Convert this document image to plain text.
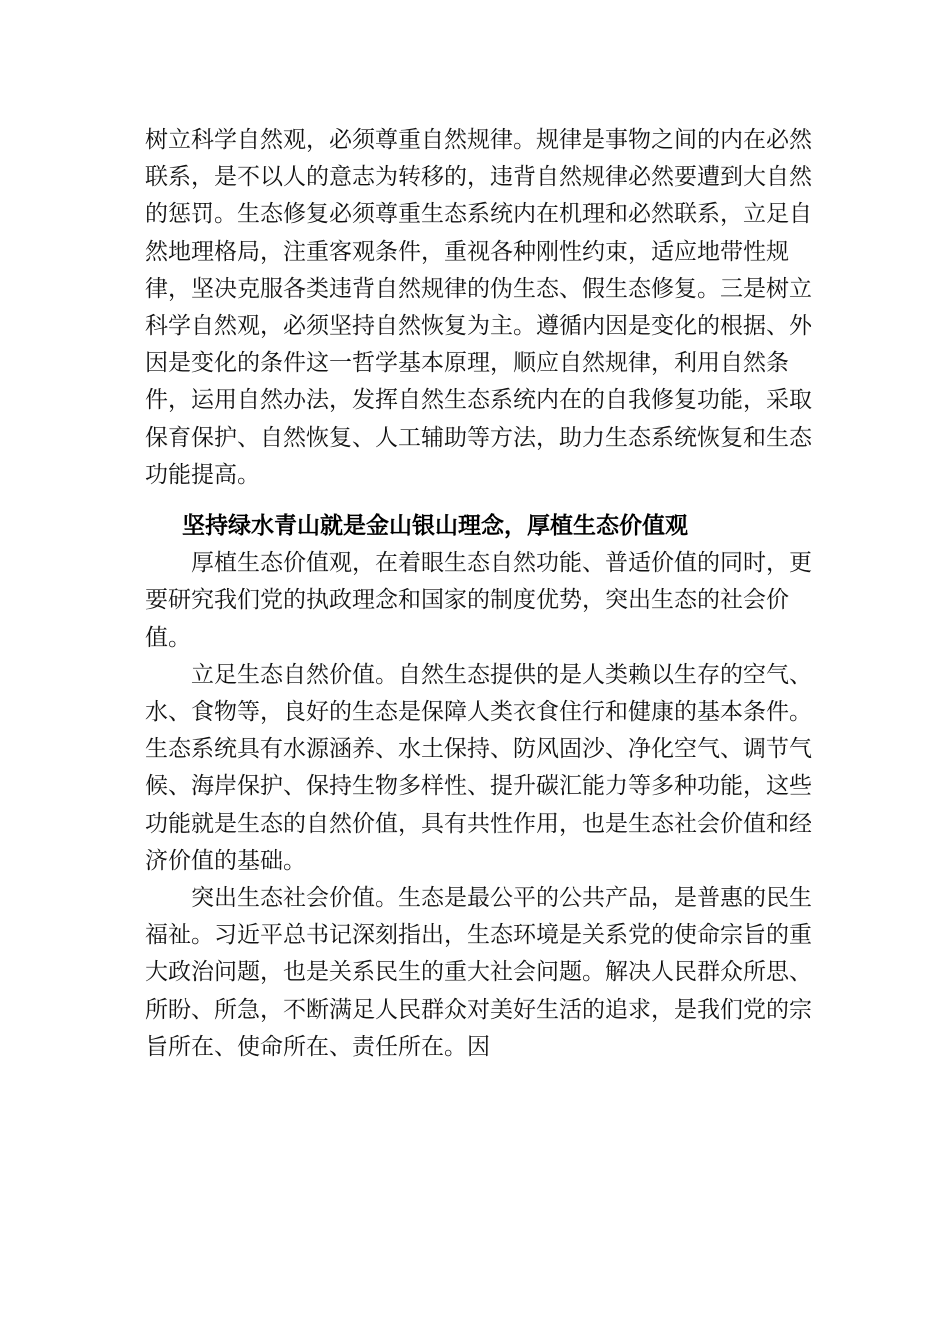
树立科学自然观，必须尊重自然规律。规律是事物之间的内在必然联系，是不以人的意志为转移的，违背自然规律必然要遭到大自然的惩罚。生态修复必须尊重生态系统内在机理和必然联系，立足自然地理格局，注重客观条件，重视各种刚性约束，适应地带性规律，坚决克服各类违背自然规律的伪生态、假生态修复。三是树立科学自然观，必须坚持自然恢复为主。遵循内因是变化的根据、外因是变化的条件这一哲学基本原理，顺应自然规律，利用自然条件，运用自然办法，发挥自然生态系统内在的自我修复功能，采取保育保护、自然恢复、人工辅助等方法，助力生态系统恢复和生态功能提高。

坚持绿水青山就是金山银山理念，厚植生态价值观

厚植生态价值观，在着眼生态自然功能、普适价值的同时，更要研究我们党的执政理念和国家的制度优势，突出生态的社会价值。

立足生态自然价值。自然生态提供的是人类赖以生存的空气、水、食物等，良好的生态是保障人类衣食住行和健康的基本条件。生态系统具有水源涵养、水土保持、防风固沙、净化空气、调节气候、海岸保护、保持生物多样性、提升碳汇能力等多种功能，这些功能就是生态的自然价值，具有共性作用，也是生态社会价值和经济价值的基础。

突出生态社会价值。生态是最公平的公共产品，是普惠的民生福祉。习近平总书记深刻指出，生态环境是关系党的使命宗旨的重大政治问题，也是关系民生的重大社会问题。解决人民群众所思、所盼、所急，不断满足人民群众对美好生活的追求，是我们党的宗旨所在、使命所在、责任所在。因
